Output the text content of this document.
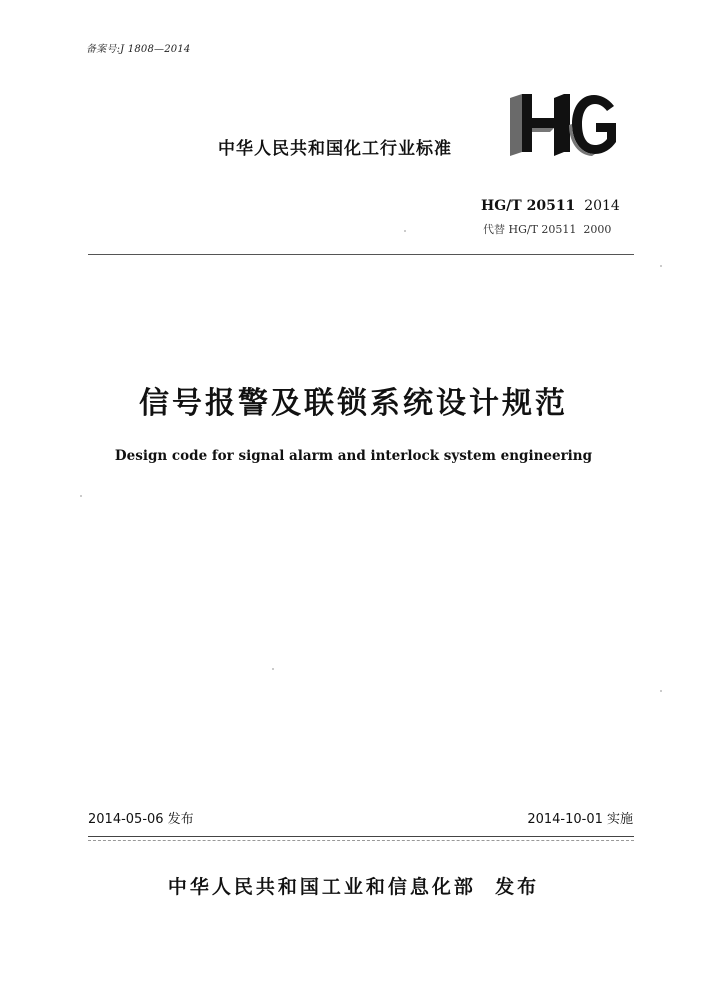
备案号:J 1808—2014
中华人民共和国化工行业标准
HG/T 20511 2014
代替 HG/T 20511  2000
信号报警及联锁系统设计规范
Design code for signal alarm and interlock system engineering
2014-05-06 发布	2014-10-01 实施
中华人民共和国工业和信息化部 发布
